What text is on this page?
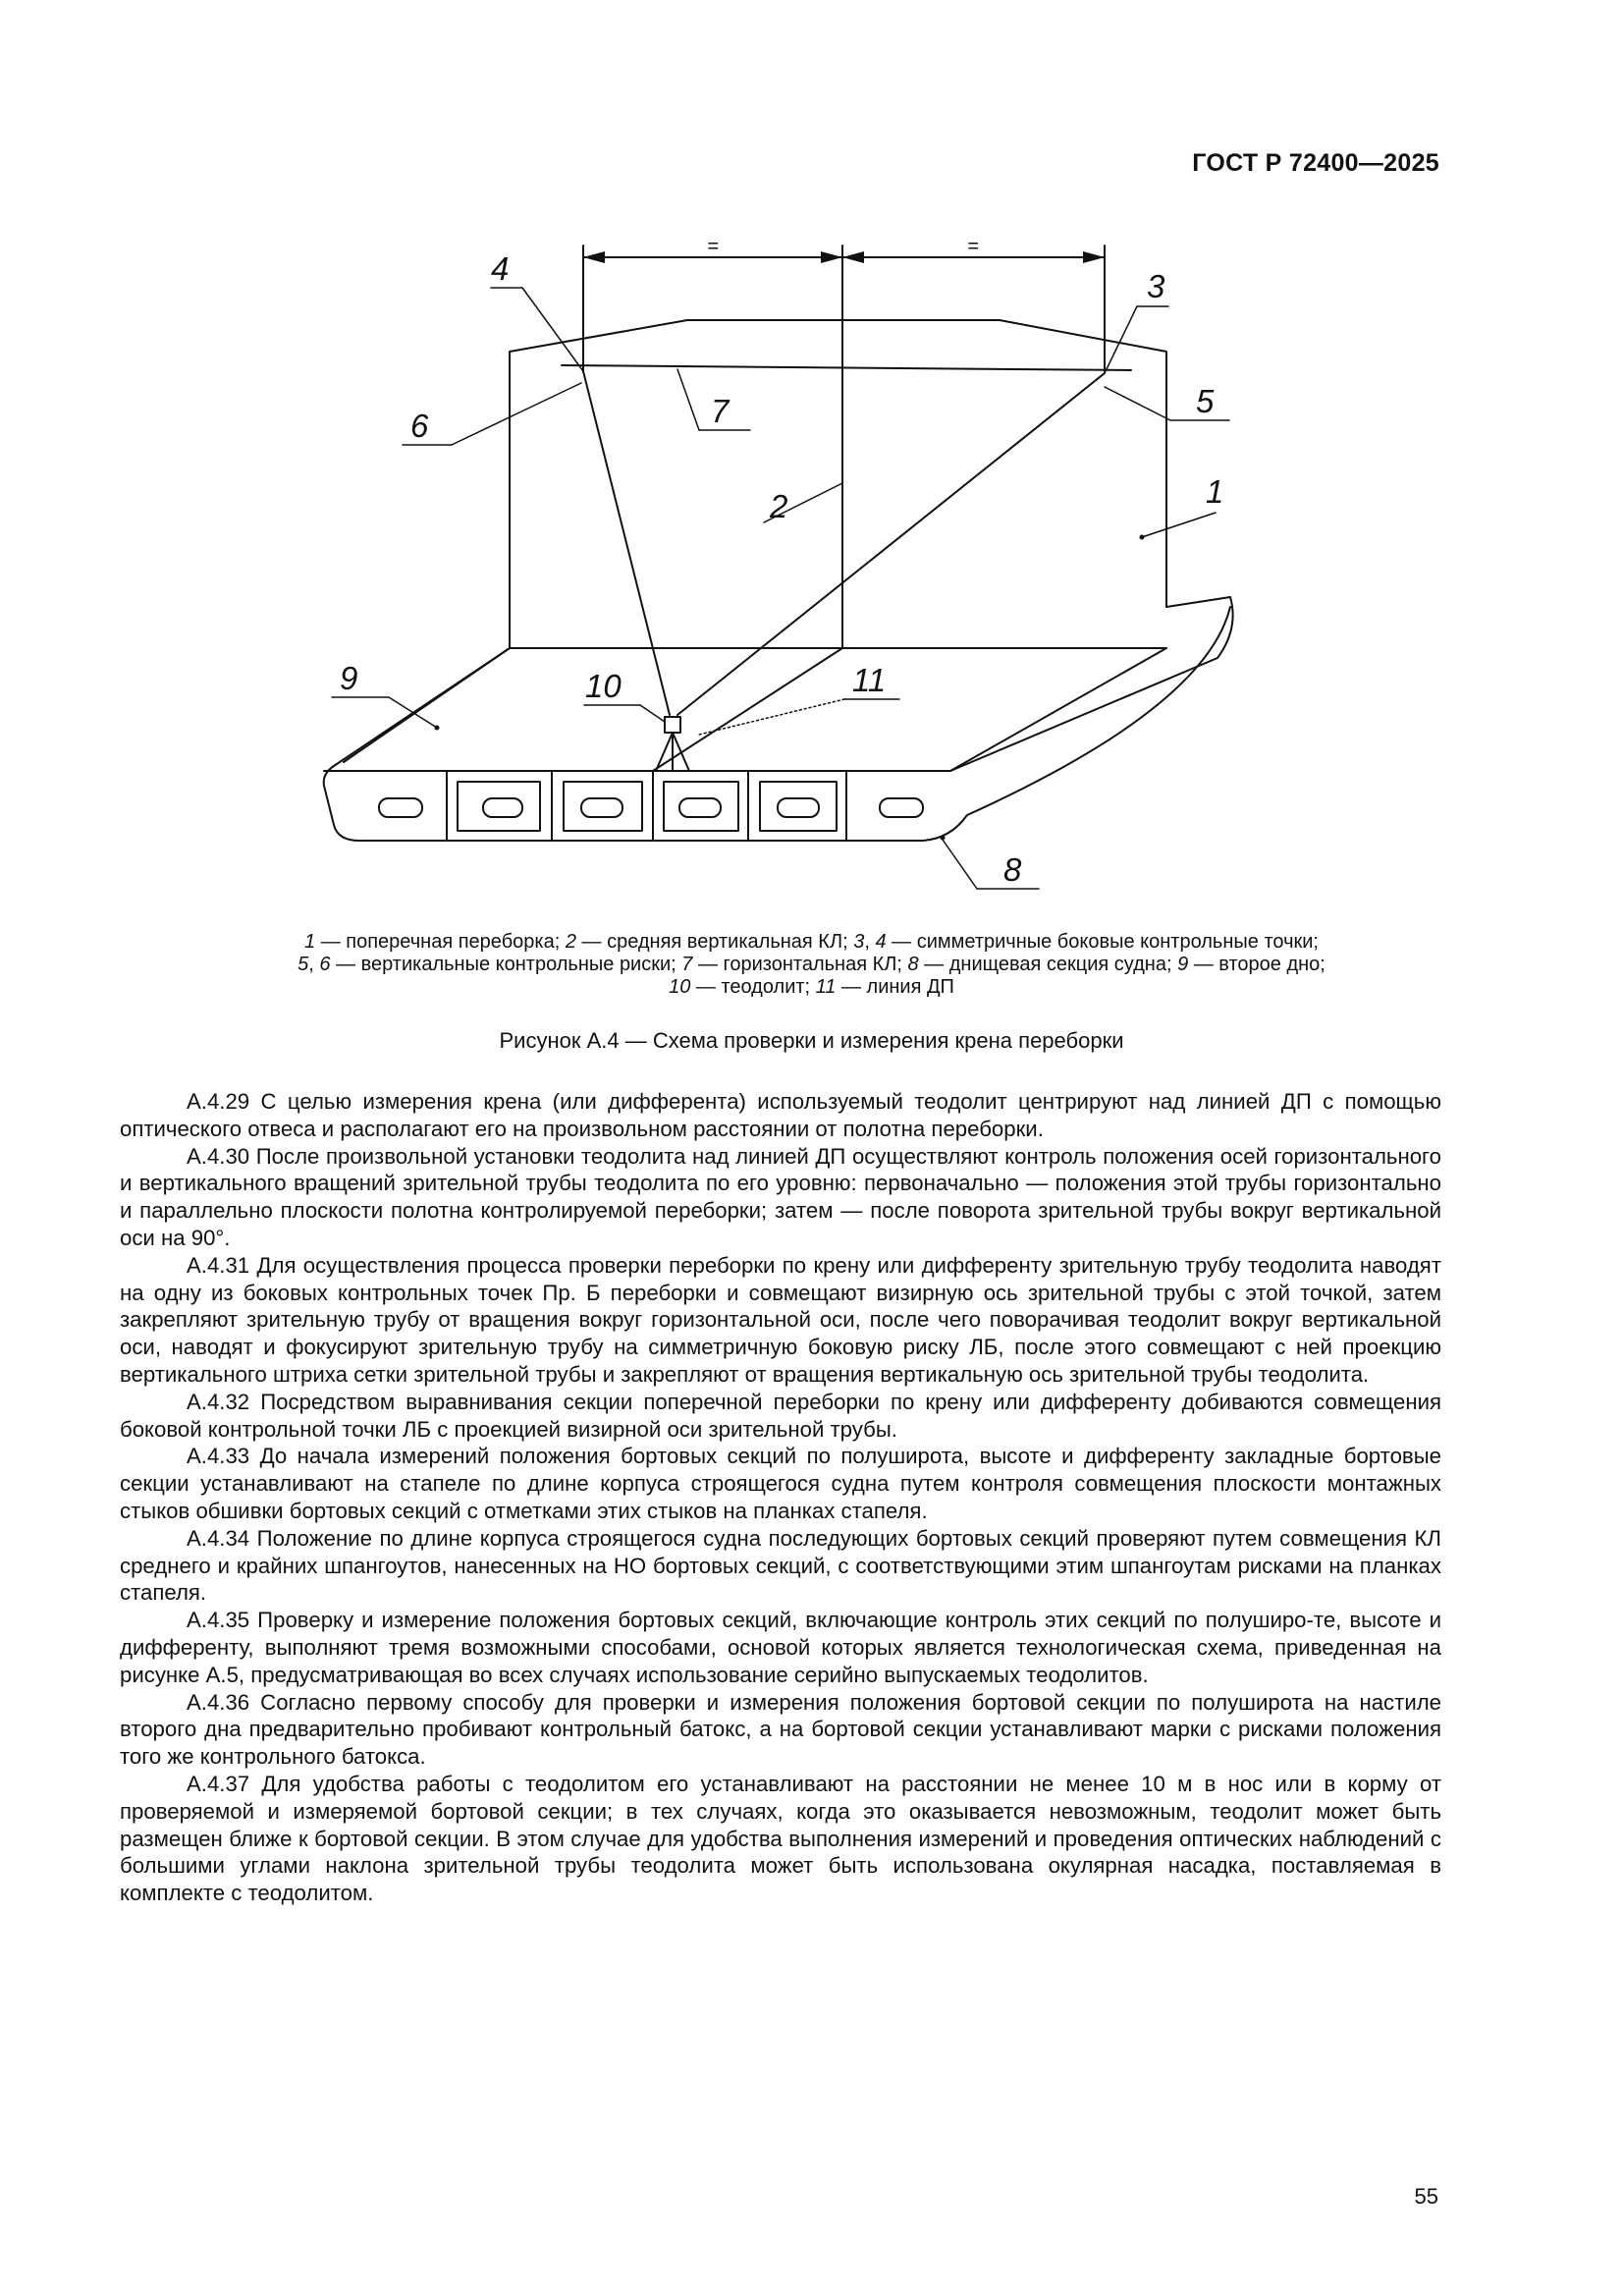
ГОСТ Р 72400—2025
=	=
4	3
5
6	7
2	1
9	10	11
8
1 — поперечная переборка; 2 — средняя вертикальная КЛ; 3, 4 — симметричные боковые контрольные точки;
5, 6 — вертикальные контрольные риски; 7 — горизонтальная КЛ; 8 — днищевая секция судна; 9 — второе дно;
10 — теодолит; 11 — линия ДП
Рисунок А.4 — Схема проверки и измерения крена переборки

А.4.29 С целью измерения крена (или дифферента) используемый теодолит центрируют над линией ДП с помощью оптического отвеса и располагают его на произвольном расстоянии от полотна переборки.

А.4.30 После произвольной установки теодолита над линией ДП осуществляют контроль положения осей горизонтального и вертикального вращений зрительной трубы теодолита по его уровню: первоначально — положения этой трубы горизонтально и параллельно плоскости полотна контролируемой переборки; затем — после поворота зрительной трубы вокруг вертикальной оси на 90°.

А.4.31 Для осуществления процесса проверки переборки по крену или дифференту зрительную трубу теодолита наводят на одну из боковых контрольных точек Пр. Б переборки и совмещают визирную ось зрительной трубы с этой точкой, затем закрепляют зрительную трубу от вращения вокруг горизонтальной оси, после чего поворачивая теодолит вокруг вертикальной оси, наводят и фокусируют зрительную трубу на симметричную боковую риску ЛБ, после этого совмещают с ней проекцию вертикального штриха сетки зрительной трубы и закрепляют от вращения вертикальную ось зрительной трубы теодолита.

А.4.32 Посредством выравнивания секции поперечной переборки по крену или дифференту добиваются совмещения боковой контрольной точки ЛБ с проекцией визирной оси зрительной трубы.

А.4.33 До начала измерений положения бортовых секций по полуширота, высоте и дифференту закладные бортовые секции устанавливают на стапеле по длине корпуса строящегося судна путем контроля совмещения плоскости монтажных стыков обшивки бортовых секций с отметками этих стыков на планках стапеля.

А.4.34 Положение по длине корпуса строящегося судна последующих бортовых секций проверяют путем совмещения КЛ среднего и крайних шпангоутов, нанесенных на НО бортовых секций, с соответствующими этим шпангоутам рисками на планках стапеля.

А.4.35 Проверку и измерение положения бортовых секций, включающие контроль этих секций по полуширо-те, высоте и дифференту, выполняют тремя возможными способами, основой которых является технологическая схема, приведенная на рисунке А.5, предусматривающая во всех случаях использование серийно выпускаемых теодолитов.

А.4.36 Согласно первому способу для проверки и измерения положения бортовой секции по полуширота на настиле второго дна предварительно пробивают контрольный батокс, а на бортовой секции устанавливают марки с рисками положения того же контрольного батокса.

А.4.37 Для удобства работы с теодолитом его устанавливают на расстоянии не менее 10 м в нос или в корму от проверяемой и измеряемой бортовой секции; в тех случаях, когда это оказывается невозможным, теодолит может быть размещен ближе к бортовой секции. В этом случае для удобства выполнения измерений и проведения оптических наблюдений с большими углами наклона зрительной трубы теодолита может быть использована окулярная насадка, поставляемая в комплекте с теодолитом.

55
